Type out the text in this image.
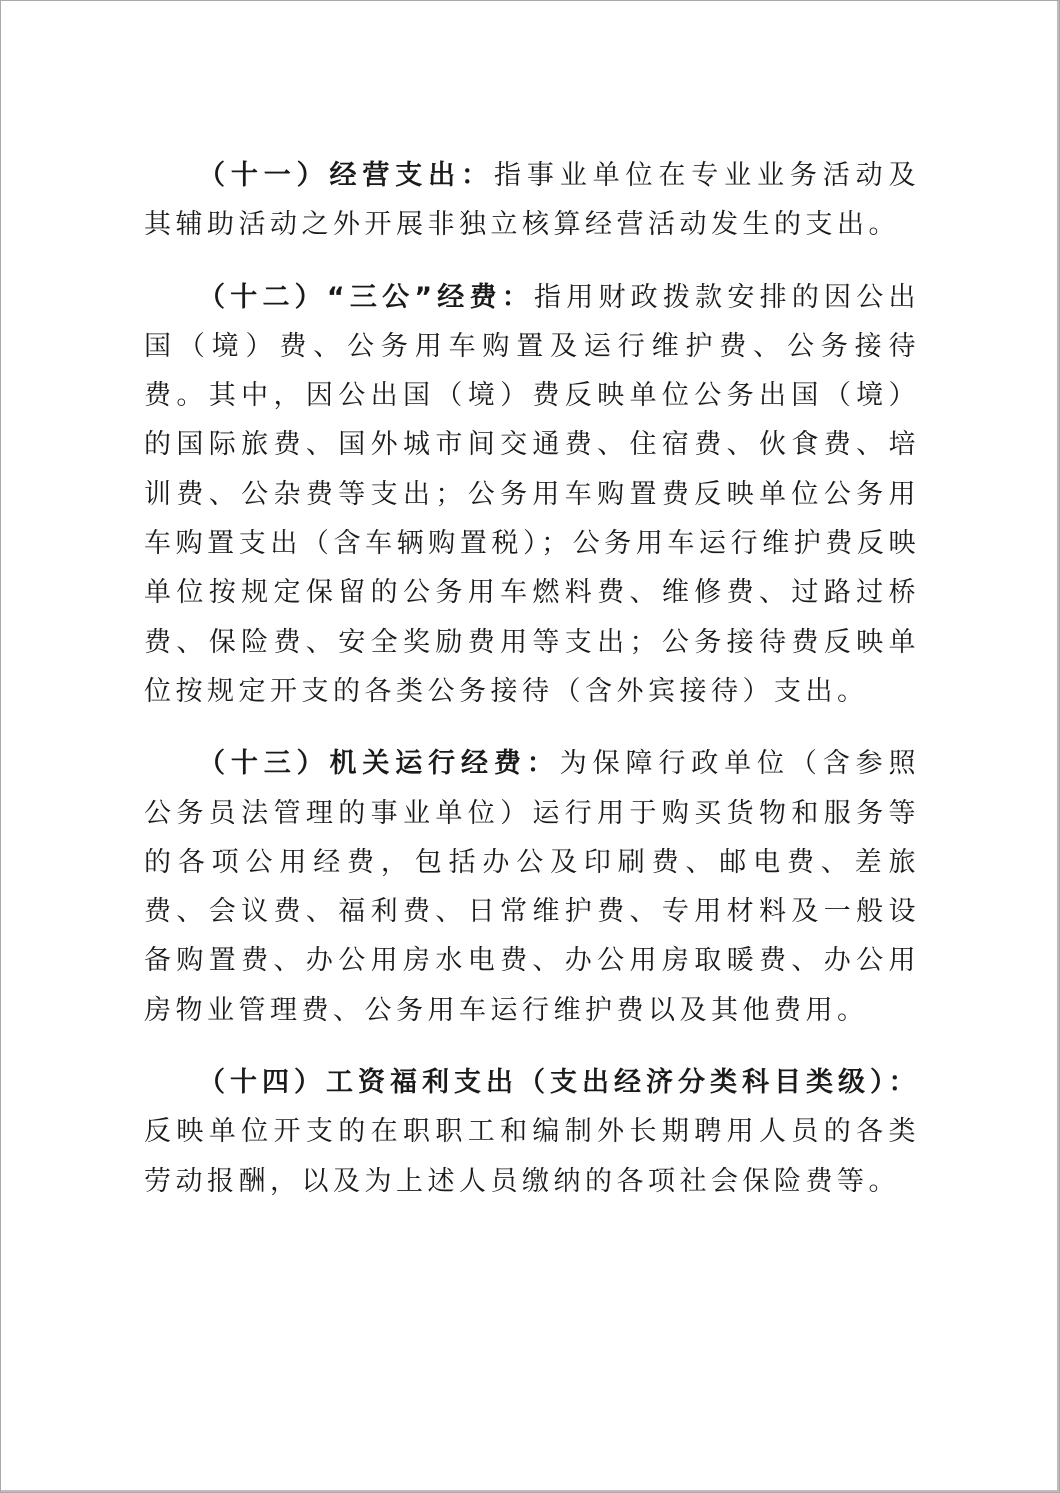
（十一）经营支出：指事业单位在专业业务活动及其辅助活动之外开展非独立核算经营活动发生的支出。

（十二）“三公”经费：指用财政拨款安排的因公出国（境）费、公务用车购置及运行维护费、公务接待费。其中，因公出国（境）费反映单位公务出国（境）的国际旅费、国外城市间交通费、住宿费、伙食费、培训费、公杂费等支出；公务用车购置费反映单位公务用车购置支出（含车辆购置税）；公务用车运行维护费反映单位按规定保留的公务用车燃料费、维修费、过路过桥费、保险费、安全奖励费用等支出；公务接待费反映单位按规定开支的各类公务接待（含外宾接待）支出。

（十三）机关运行经费：为保障行政单位（含参照公务员法管理的事业单位）运行用于购买货物和服务等的各项公用经费，包括办公及印刷费、邮电费、差旅费、会议费、福利费、日常维护费、专用材料及一般设备购置费、办公用房水电费、办公用房取暖费、办公用房物业管理费、公务用车运行维护费以及其他费用。

（十四）工资福利支出（支出经济分类科目类级）：反映单位开支的在职职工和编制外长期聘用人员的各类劳动报酬，以及为上述人员缴纳的各项社会保险费等。
